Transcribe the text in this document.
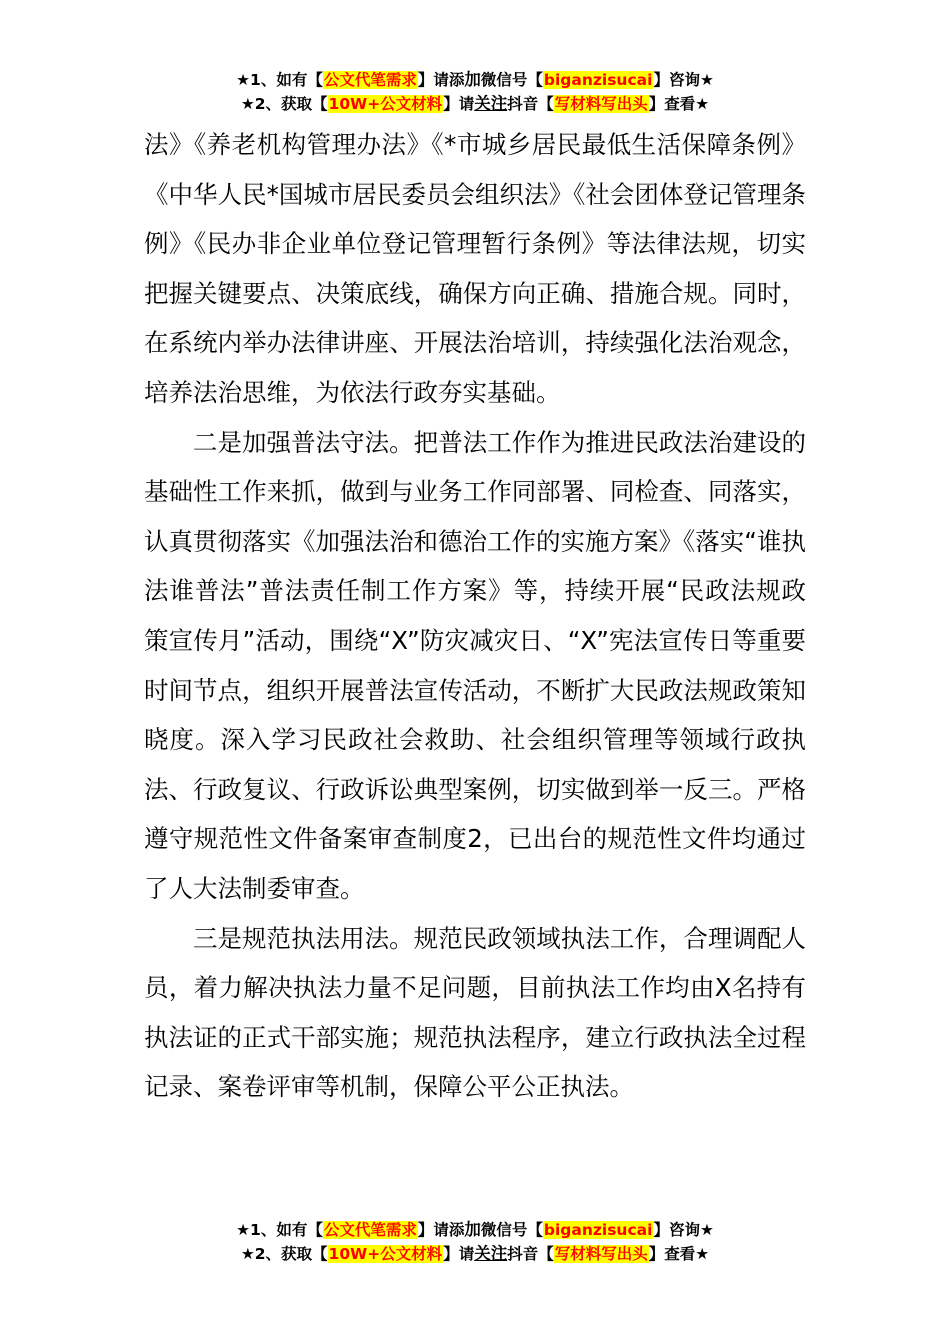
★1、如有【公文代笔需求】请添加微信号【biganzisucai】咨询★
★2、获取【10W+公文材料】请关注抖音【写材料写出头】查看★

法》《养老机构管理办法》《*市城乡居民最低生活保障条例》《中华人民*国城市居民委员会组织法》《社会团体登记管理条例》《民办非企业单位登记管理暂行条例》等法律法规，切实把握关键要点、决策底线，确保方向正确、措施合规。同时，在系统内举办法律讲座、开展法治培训，持续强化法治观念，培养法治思维，为依法行政夯实基础。

二是加强普法守法。把普法工作作为推进民政法治建设的基础性工作来抓，做到与业务工作同部署、同检查、同落实，认真贯彻落实《加强法治和德治工作的实施方案》《落实“谁执法谁普法”普法责任制工作方案》等，持续开展“民政法规政策宣传月”活动，围绕“X”防灾减灾日、“X”宪法宣传日等重要时间节点，组织开展普法宣传活动，不断扩大民政法规政策知晓度。深入学习民政社会救助、社会组织管理等领域行政执法、行政复议、行政诉讼典型案例，切实做到举一反三。严格遵守规范性文件备案审查制度2，已出台的规范性文件均通过了人大法制委审查。

三是规范执法用法。规范民政领域执法工作，合理调配人员，着力解决执法力量不足问题，目前执法工作均由X名持有执法证的正式干部实施；规范执法程序，建立行政执法全过程记录、案卷评审等机制，保障公平公正执法。

★1、如有【公文代笔需求】请添加微信号【biganzisucai】咨询★
★2、获取【10W+公文材料】请关注抖音【写材料写出头】查看★
